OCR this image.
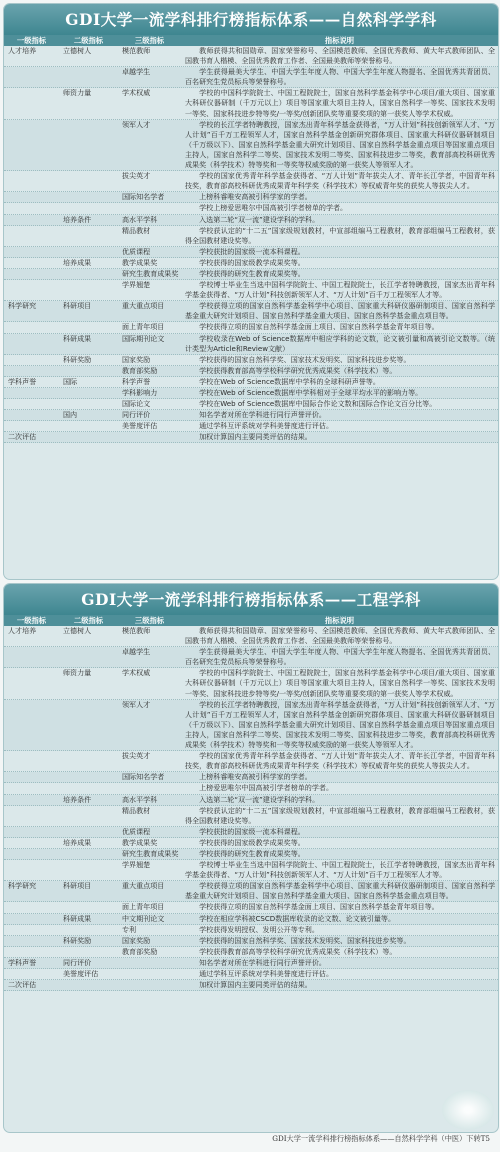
GDI大学一流学科排行榜指标体系——自然科学学科
一级指标	二级指标	三级指标	指标说明
人才培养	立德树人	模范教师	教师获得共和国勋章、国家荣誉称号、全国模范教师、全国优秀教师、黄大年式教师团队、全国教书育人楷模、全国优秀教育工作者、全国最美教师等荣誉称号。
卓越学生	学生获得最美大学生、中国大学生年度人物、中国大学生年度人物提名、全国优秀共青团员、百名研究生党员标兵等荣誉称号。
师资力量	学术权威	学校的中国科学院院士、中国工程院院士，国家自然科学基金科学中心项目/重大项目、国家重大科研仪器研制（千万元以上）项目等国家重大项目主持人，国家自然科学一等奖、国家技术发明一等奖、国家科技进步特等奖/一等奖/创新团队奖等重要奖项的第一获奖人等学术权威。
领军人才	学校的长江学者特聘教授，国家杰出青年科学基金获得者，“万人计划”科技创新领军人才、“万人计划”百千万工程领军人才，国家自然科学基金创新研究群体项目、国家重大科研仪器研制项目（千万级以下）、国家自然科学基金重大研究计划项目、国家自然科学基金重点项目等国家重点项目主持人，国家自然科学二等奖、国家技术发明二等奖、国家科技进步二等奖，教育部高校科研优秀成果奖（科学技术）特等奖和一等奖等权威奖励的第一获奖人等领军人才。
拔尖英才	学校的国家优秀青年科学基金获得者、“万人计划”青年拔尖人才、青年长江学者，中国青年科技奖，教育部高校科研优秀成果青年科学奖（科学技术）等权威青年奖的获奖人等拔尖人才。
国际知名学者	上榜科睿唯安高被引科学家的学者。
学校上榜爱思唯尔中国高被引学者榜单的学者。
培养条件	高水平学科	入选第二轮“双一流”建设学科的学科。
精品教材	学校获认定的“十二五”国家级规划教材，中宣部组编马工程教材，教育部组编马工程教材，获得全国教材建设奖等。
优质课程	学校获批的国家级一流本科课程。
培养成果	教学成果奖	学校获得的国家级教学成果奖等。
研究生教育成果奖	学校获得的研究生教育成果奖等。
学界翘楚	学校博士毕业生当选中国科学院院士、中国工程院院士，长江学者特聘教授，国家杰出青年科学基金获得者、“万人计划”科技创新领军人才、“万人计划”百千万工程领军人才等。
科学研究	科研项目	重大重点项目	学校获得立项的国家自然科学基金科学中心项目、国家重大科研仪器研制项目、国家自然科学基金重大研究计划项目、国家自然科学基金重大项目、国家自然科学基金重点项目等。
面上青年项目	学校获得立项的国家自然科学基金面上项目、国家自然科学基金青年项目等。
科研成果	国际期刊论文	学校收录在Web of Science数据库中相应学科的论文数，论文被引量和高被引论文数等。（统计类型为Article和Review文献）
科研奖励	国家奖励	学校获得的国家自然科学奖、国家技术发明奖、国家科技进步奖等。
教育部奖励	学校获得教育部高等学校科学研究优秀成果奖（科学技术）等。
学科声誉	国际	科学声誉	学校在Web of Science数据库中学科的全球科研声誉等。
学科影响力	学校在Web of Science数据库中学科相对于全球平均水平的影响力等。
国际论文	学校在Web of Science数据库中国际合作论文数和国际合作论文百分比等。
国内	同行评价	知名学者对所在学科进行同行声誉评价。
美誉度评估	通过学科互评系统对学科美誉度进行评估。
二次评估	加权计算国内主要同类评估的结果。
GDI大学一流学科排行榜指标体系——工程学科
一级指标	二级指标	三级指标	指标说明
人才培养	立德树人	模范教师	教师获得共和国勋章、国家荣誉称号、全国模范教师、全国优秀教师、黄大年式教师团队、全国教书育人楷模、全国优秀教育工作者、全国最美教师等荣誉称号。
卓越学生	学生获得最美大学生、中国大学生年度人物、中国大学生年度人物提名、全国优秀共青团员、百名研究生党员标兵等荣誉称号。
师资力量	学术权威	学校的中国科学院院士、中国工程院院士，国家自然科学基金科学中心项目/重大项目、国家重大科研仪器研制（千万元以上）项目等国家重大项目主持人，国家自然科学一等奖、国家技术发明一等奖、国家科技进步特等奖/一等奖/创新团队奖等重要奖项的第一获奖人等学术权威。
领军人才	学校的长江学者特聘教授，国家杰出青年科学基金获得者，“万人计划”科技创新领军人才、“万人计划”百千万工程领军人才，国家自然科学基金创新研究群体项目、国家重大科研仪器研制项目（千万级以下）、国家自然科学基金重大研究计划项目、国家自然科学基金重点项目等国家重点项目主持人，国家自然科学二等奖、国家技术发明二等奖、国家科技进步二等奖，教育部高校科研优秀成果奖（科学技术）特等奖和一等奖等权威奖励的第一获奖人等领军人才。
拔尖英才	学校的国家优秀青年科学基金获得者、“万人计划”青年拔尖人才、青年长江学者，中国青年科技奖，教育部高校科研优秀成果青年科学奖（科学技术）等权威青年奖的获奖人等拔尖人才。
国际知名学者	上榜科睿唯安高被引科学家的学者。
上榜爱思唯尔中国高被引学者榜单的学者。
培养条件	高水平学科	入选第二轮“双一流”建设学科的学科。
精品教材	学校获认定的“十二五”国家级规划教材，中宣部组编马工程教材，教育部组编马工程教材，获得全国教材建设奖等。
优质课程	学校获批的国家级一流本科课程。
培养成果	教学成果奖	学校获得的国家级教学成果奖等。
研究生教育成果奖	学校获得的研究生教育成果奖等。
学界翘楚	学校博士毕业生当选中国科学院院士、中国工程院院士，长江学者特聘教授，国家杰出青年科学基金获得者、“万人计划”科技创新领军人才、“万人计划”百千万工程领军人才等。
科学研究	科研项目	重大重点项目	学校获得立项的国家自然科学基金科学中心项目、国家重大科研仪器研制项目、国家自然科学基金重大研究计划项目、国家自然科学基金重大项目、国家自然科学基金重点项目等。
面上青年项目	学校获得立项的国家自然科学基金面上项目、国家自然科学基金青年项目等。
科研成果	中文期刊论文	学校在相应学科被CSCD数据库收录的论文数、论文被引量等。
专利	学校获得发明授权、发明公开等专利。
科研奖励	国家奖励	学校获得的国家自然科学奖、国家技术发明奖、国家科技进步奖等。
教育部奖励	学校获得教育部高等学校科学研究优秀成果奖（科学技术）等。
学科声誉	同行评价	知名学者对所在学科进行同行声誉评价。
美誉度评估	通过学科互评系统对学科美誉度进行评估。
二次评估	加权计算国内主要同类评估的结果。
GDI大学一流学科排行榜指标体系——自然科学学科（中医）下转T5
